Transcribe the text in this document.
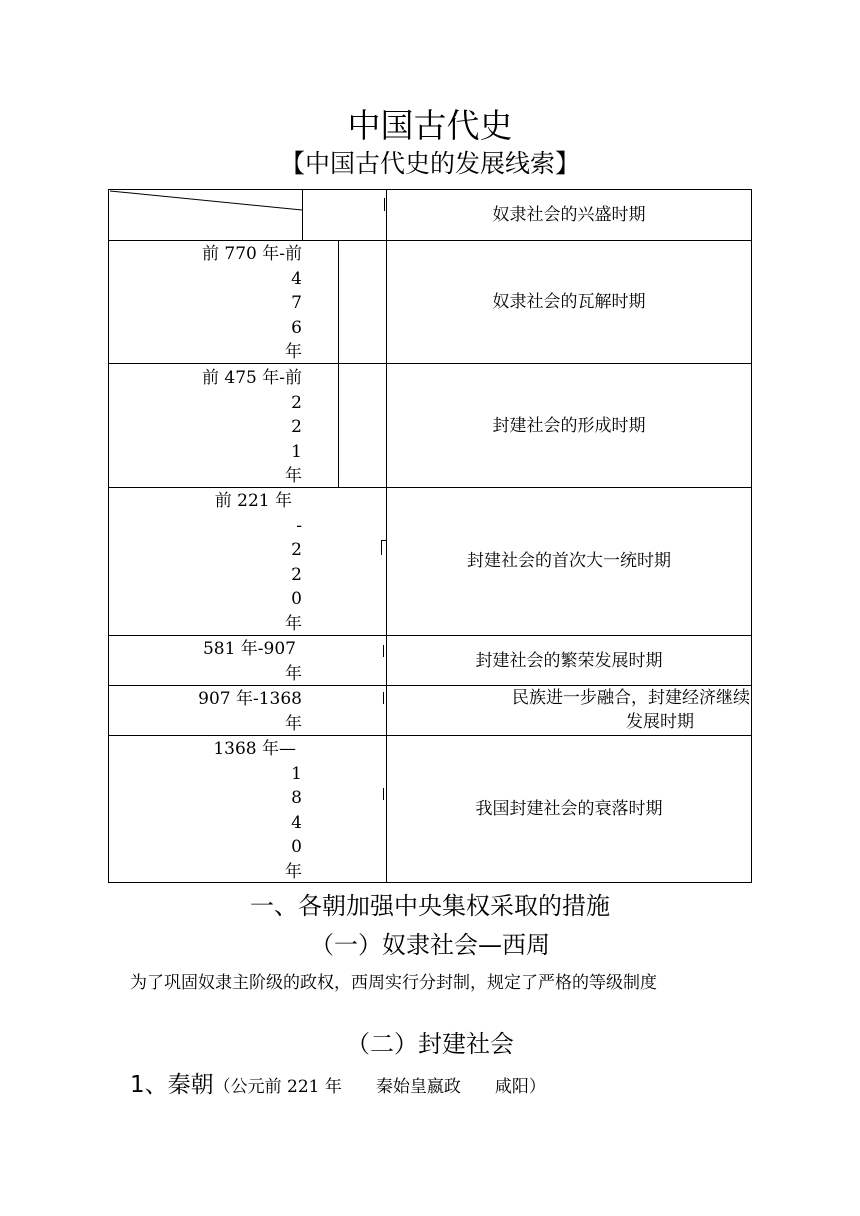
中国古代史
【中国古代史的发展线索】
奴隶社会的兴盛时期
前 770 年-前
4
7
6
年
奴隶社会的瓦解时期
前 475 年-前
2
2
1
年
封建社会的形成时期
前 221 年
-
2
2
0
年
封建社会的首次大一统时期
581 年-907
年
封建社会的繁荣发展时期
907 年-1368
年
民族进一步融合，封建经济继续
发展时期
1368 年—
1
8
4
0
年
我国封建社会的衰落时期
一、各朝加强中央集权采取的措施
（一）奴隶社会—西周
为了巩固奴隶主阶级的政权，西周实行分封制，规定了严格的等级制度
（二）封建社会
1、秦朝（公元前 221 年　　秦始皇嬴政　　咸阳）
